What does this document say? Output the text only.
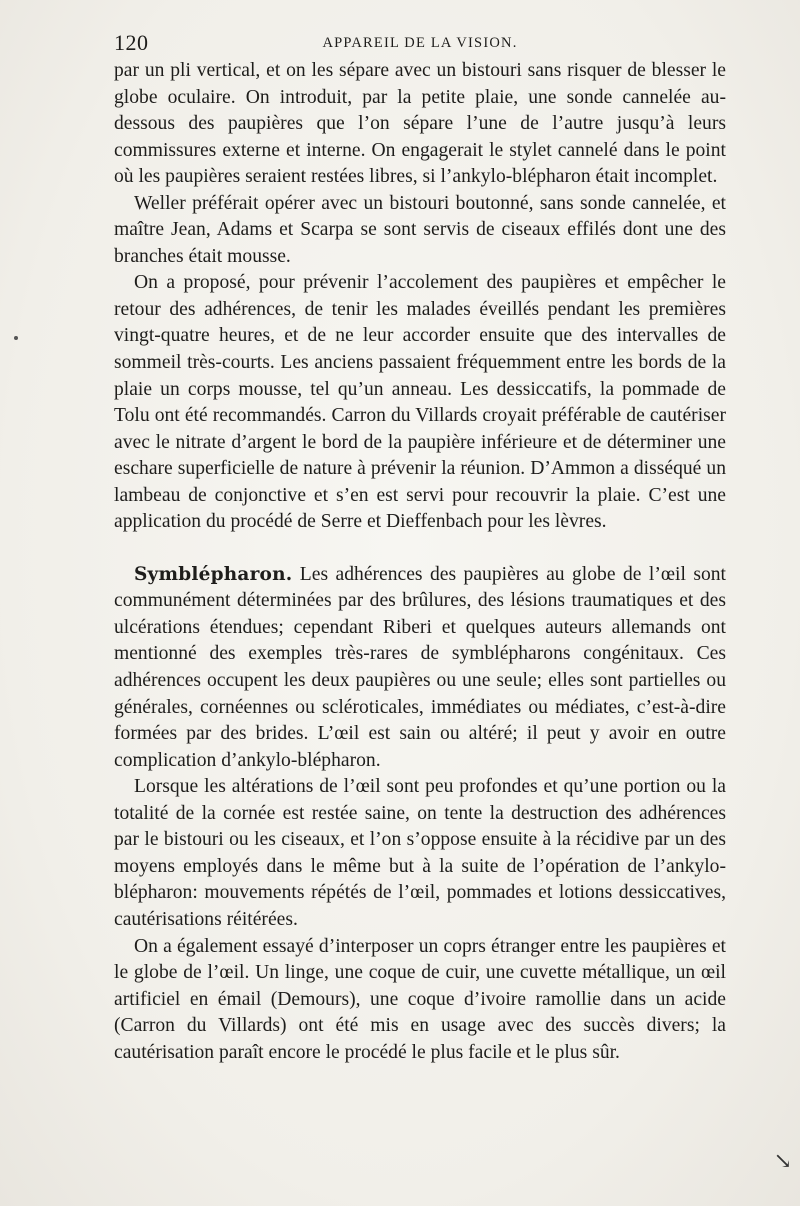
120	APPAREIL DE LA VISION.

par un pli vertical, et on les sépare avec un bistouri sans risquer de blesser le globe oculaire. On introduit, par la petite plaie, une sonde cannelée au-dessous des paupières que l’on sépare l’une de l’autre jusqu’à leurs commissures externe et interne. On engagerait le stylet cannelé dans le point où les paupières seraient restées libres, si l’ankylo-blépharon était incomplet.

Weller préférait opérer avec un bistouri boutonné, sans sonde cannelée, et maître Jean, Adams et Scarpa se sont servis de ciseaux effilés dont une des branches était mousse.

On a proposé, pour prévenir l’accolement des paupières et empêcher le retour des adhérences, de tenir les malades éveillés pendant les premières vingt-quatre heures, et de ne leur accorder ensuite que des intervalles de sommeil très-courts. Les anciens passaient fréquemment entre les bords de la plaie un corps mousse, tel qu’un anneau. Les dessiccatifs, la pommade de Tolu ont été recommandés. Carron du Villards croyait préférable de cautériser avec le nitrate d’argent le bord de la paupière inférieure et de déterminer une eschare superficielle de nature à prévenir la réunion. D’Ammon a disséqué un lambeau de conjonctive et s’en est servi pour recouvrir la plaie. C’est une application du procédé de Serre et Dieffenbach pour les lèvres.

Symblépharon. Les adhérences des paupières au globe de l’œil sont communément déterminées par des brûlures, des lésions traumatiques et des ulcérations étendues; cependant Riberi et quelques auteurs allemands ont mentionné des exemples très-rares de symblépharons congénitaux. Ces adhérences occupent les deux paupières ou une seule; elles sont partielles ou générales, cornéennes ou scléroticales, immédiates ou médiates, c’est-à-dire formées par des brides. L’œil est sain ou altéré; il peut y avoir en outre complication d’ankylo-blépharon.

Lorsque les altérations de l’œil sont peu profondes et qu’une portion ou la totalité de la cornée est restée saine, on tente la destruction des adhérences par le bistouri ou les ciseaux, et l’on s’oppose ensuite à la récidive par un des moyens employés dans le même but à la suite de l’opération de l’ankylo-blépharon: mouvements répétés de l’œil, pommades et lotions dessiccatives, cautérisations réitérées.

On a également essayé d’interposer un coprs étranger entre les paupières et le globe de l’œil. Un linge, une coque de cuir, une cuvette métallique, un œil artificiel en émail (Demours), une coque d’ivoire ramollie dans un acide (Carron du Villards) ont été mis en usage avec des succès divers; la cautérisation paraît encore le procédé le plus facile et le plus sûr.

↘
